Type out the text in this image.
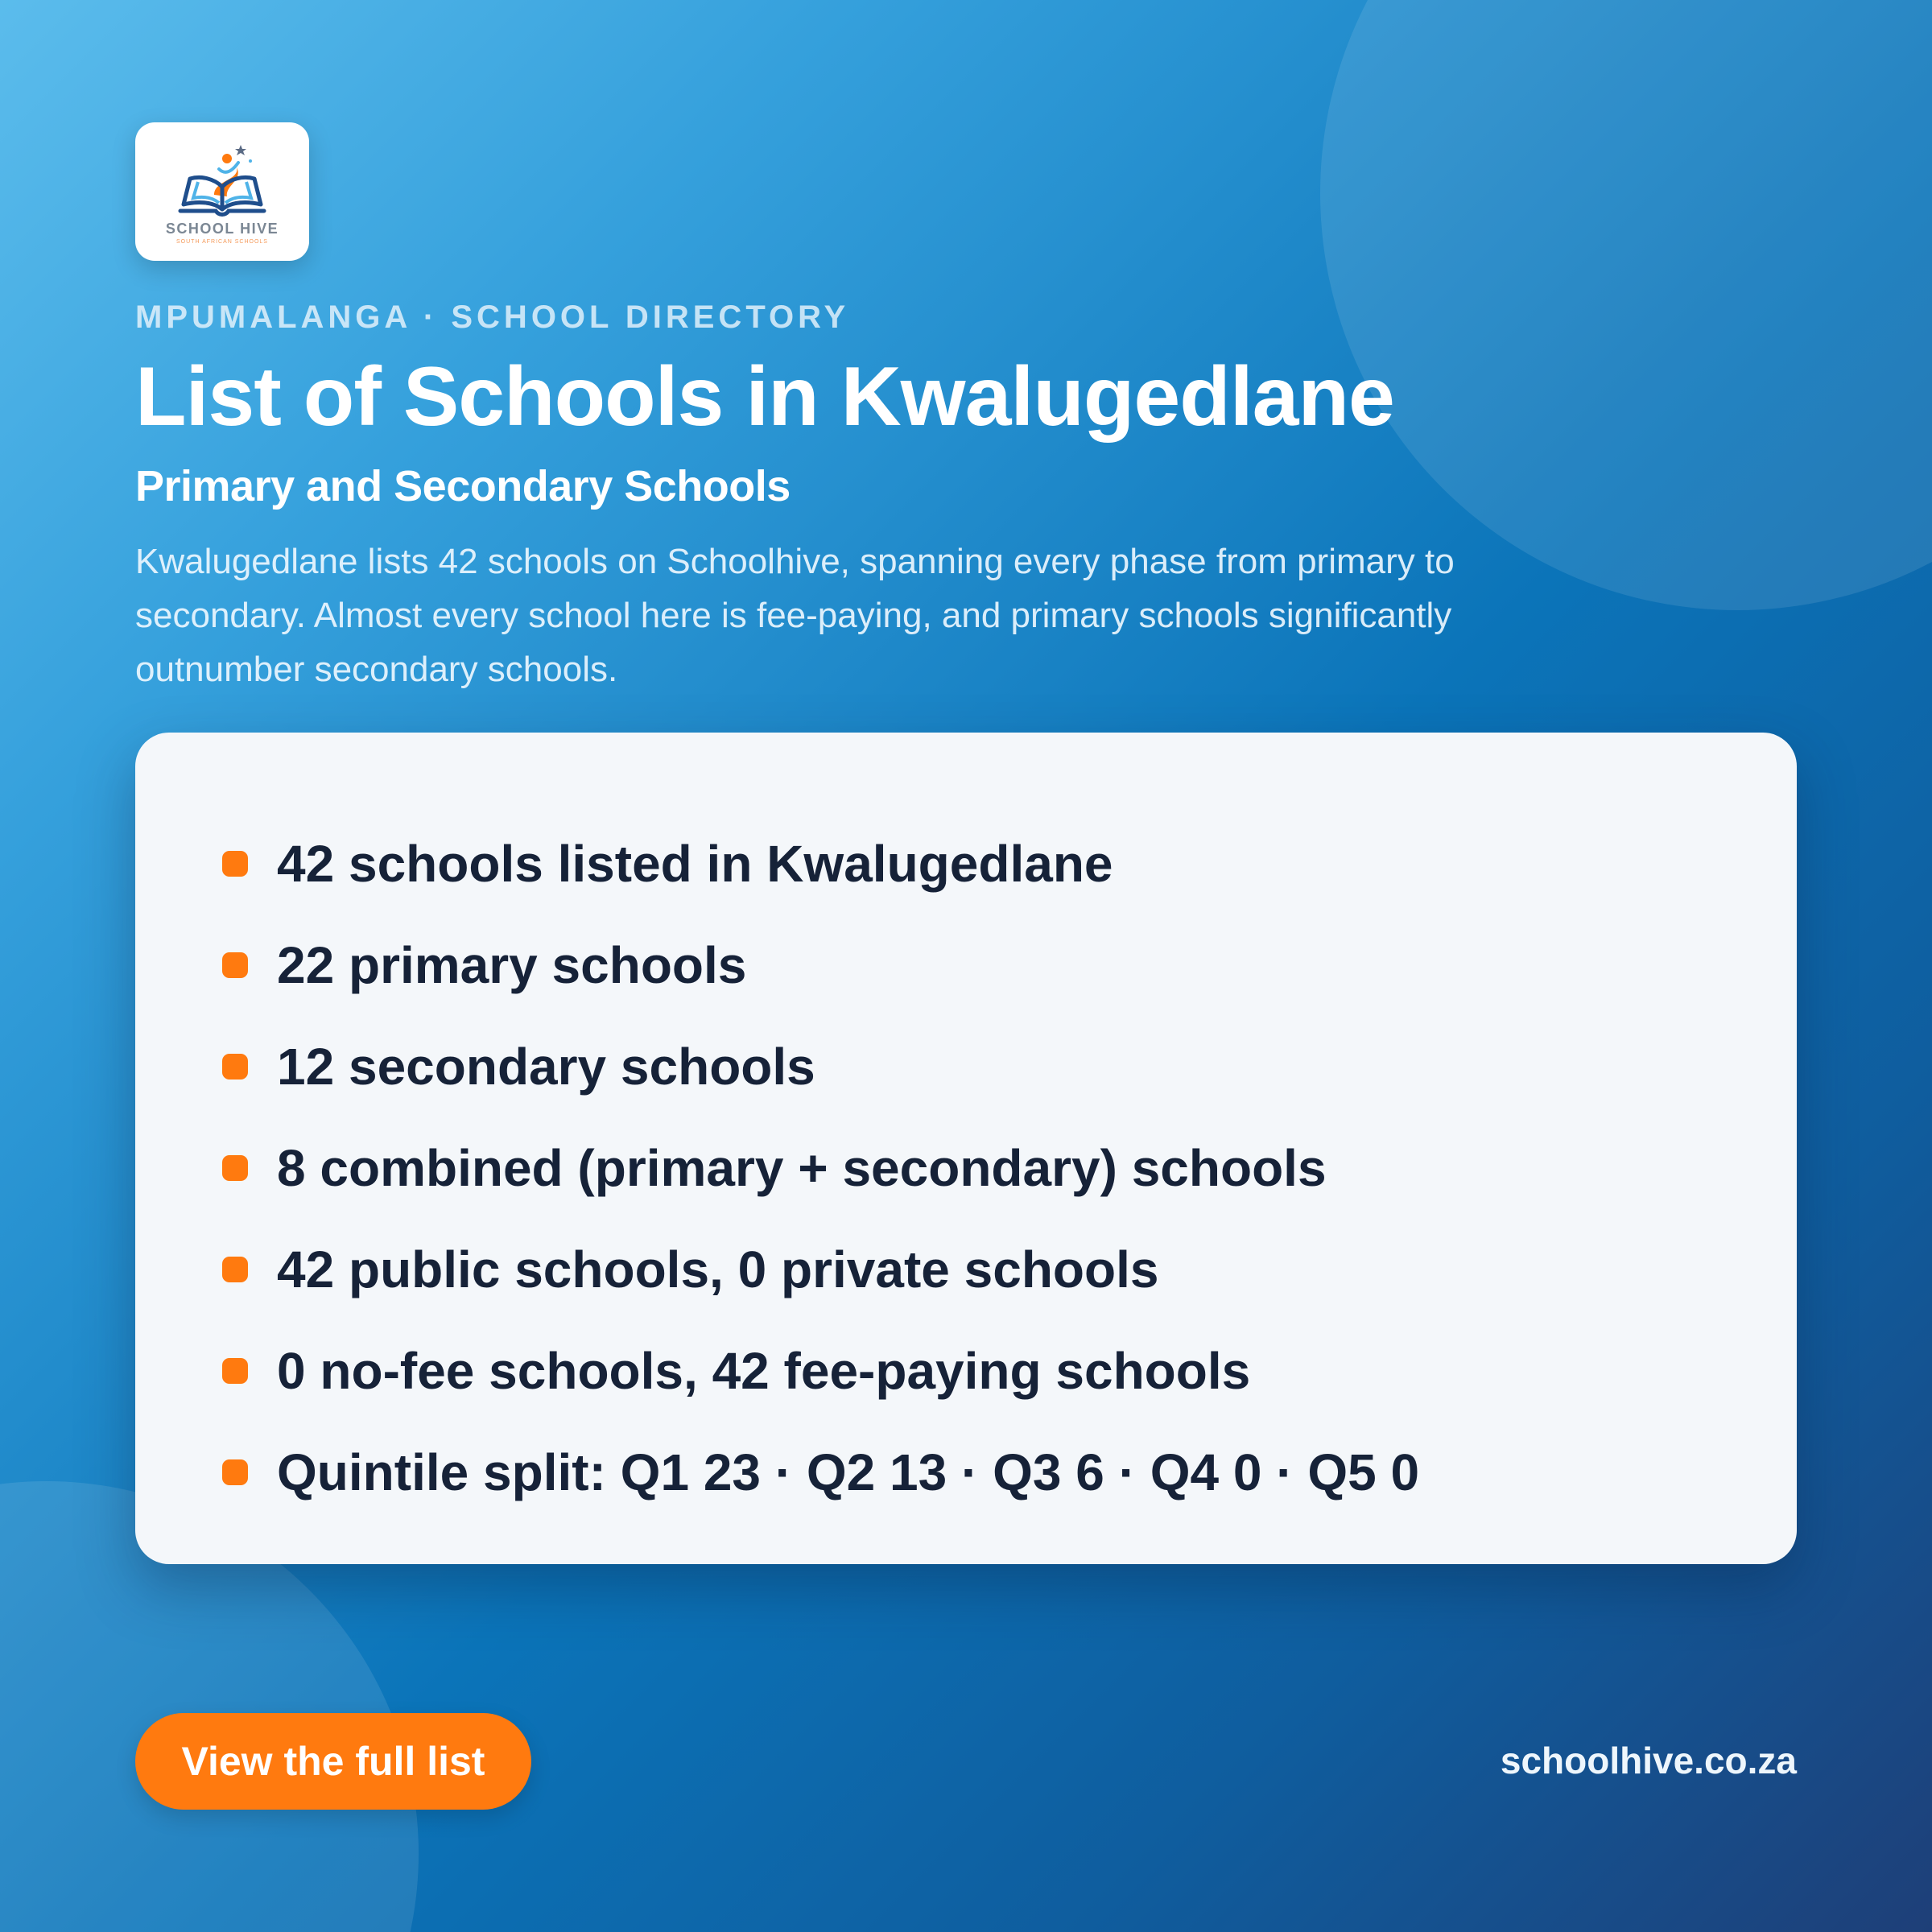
SCHOOL HIVE
SOUTH AFRICAN SCHOOLS
MPUMALANGA · SCHOOL DIRECTORY
List of Schools in Kwalugedlane
Primary and Secondary Schools

Kwalugedlane lists 42 schools on Schoolhive, spanning every phase from primary to secondary. Almost every school here is fee-paying, and primary schools significantly outnumber secondary schools.

42 schools listed in Kwalugedlane
22 primary schools
12 secondary schools
8 combined (primary + secondary) schools
42 public schools, 0 private schools
0 no-fee schools, 42 fee-paying schools
Quintile split: Q1 23 · Q2 13 · Q3 6 · Q4 0 · Q5 0
View the full list	schoolhive.co.za
